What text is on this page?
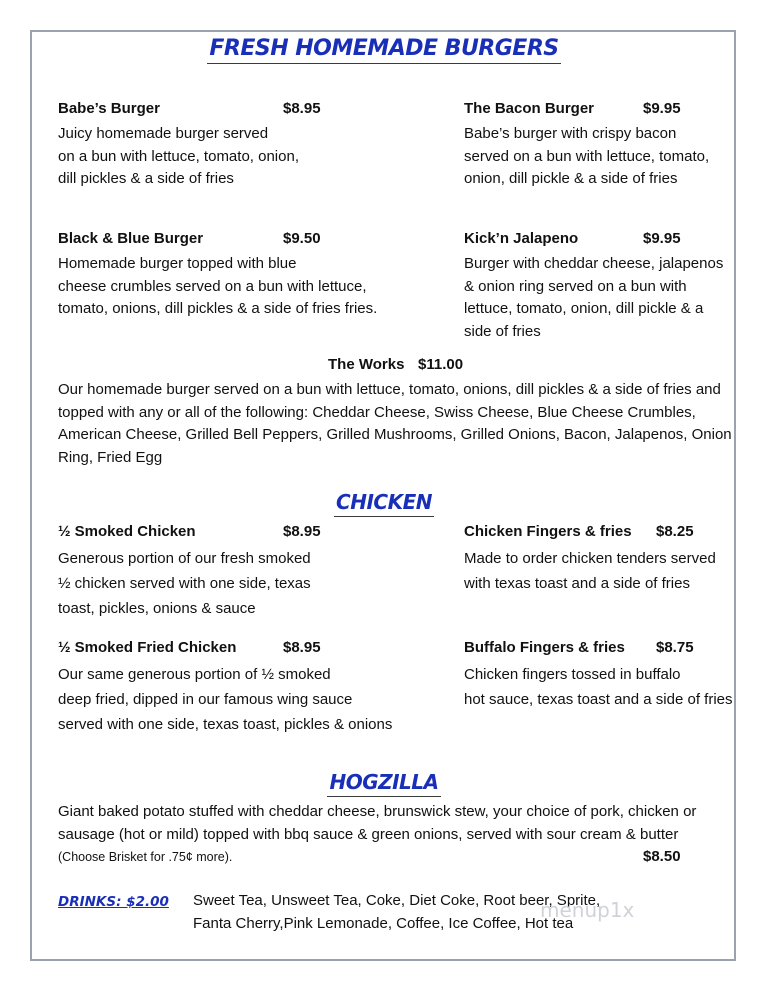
FRESH HOMEMADE BURGERS
Babe’s Burger	$8.95
Juicy homemade burger served
on a bun with lettuce, tomato, onion,
dill pickles & a side of fries
The Bacon Burger	$9.95
Babe’s burger with crispy bacon
served on a bun with lettuce, tomato,
onion, dill pickle & a side of fries
Black & Blue Burger	$9.50
Homemade burger topped with blue
cheese crumbles served on a bun with lettuce,
tomato, onions, dill pickles & a side of fries fries.
Kick’n Jalapeno	$9.95
Burger with cheddar cheese, jalapenos
& onion ring served on a bun with
lettuce, tomato, onion, dill pickle & a
side of fries
The Works $11.00
Our homemade burger served on a bun with lettuce, tomato, onions, dill pickles & a side of fries and
topped with any or all of the following: Cheddar Cheese, Swiss Cheese, Blue Cheese Crumbles,
American Cheese, Grilled Bell Peppers, Grilled Mushrooms, Grilled Onions, Bacon, Jalapenos, Onion
Ring, Fried Egg
CHICKEN
½ Smoked Chicken	$8.95
Generous portion of our fresh smoked
½ chicken served with one side, texas
toast, pickles, onions & sauce
Chicken Fingers & fries $8.25
Made to order chicken tenders served
with texas toast and a side of fries
½ Smoked Fried Chicken	$8.95
Our same generous portion of ½ smoked
deep fried, dipped in our famous wing sauce
served with one side, texas toast, pickles & onions
Buffalo Fingers & fries $8.75
Chicken fingers tossed in buffalo
hot sauce, texas toast and a side of fries
HOGZILLA
Giant baked potato stuffed with cheddar cheese, brunswick stew, your choice of pork, chicken or
sausage (hot or mild) topped with bbq sauce & green onions, served with sour cream & butter
(Choose Brisket for .75¢ more).	$8.50
DRINKS: $2.00 Sweet Tea, Unsweet Tea, Coke, Diet Coke, Root beer, Sprite,
Fanta Cherry,Pink Lemonade, Coffee, Ice Coffee, Hot tea
menup1x
